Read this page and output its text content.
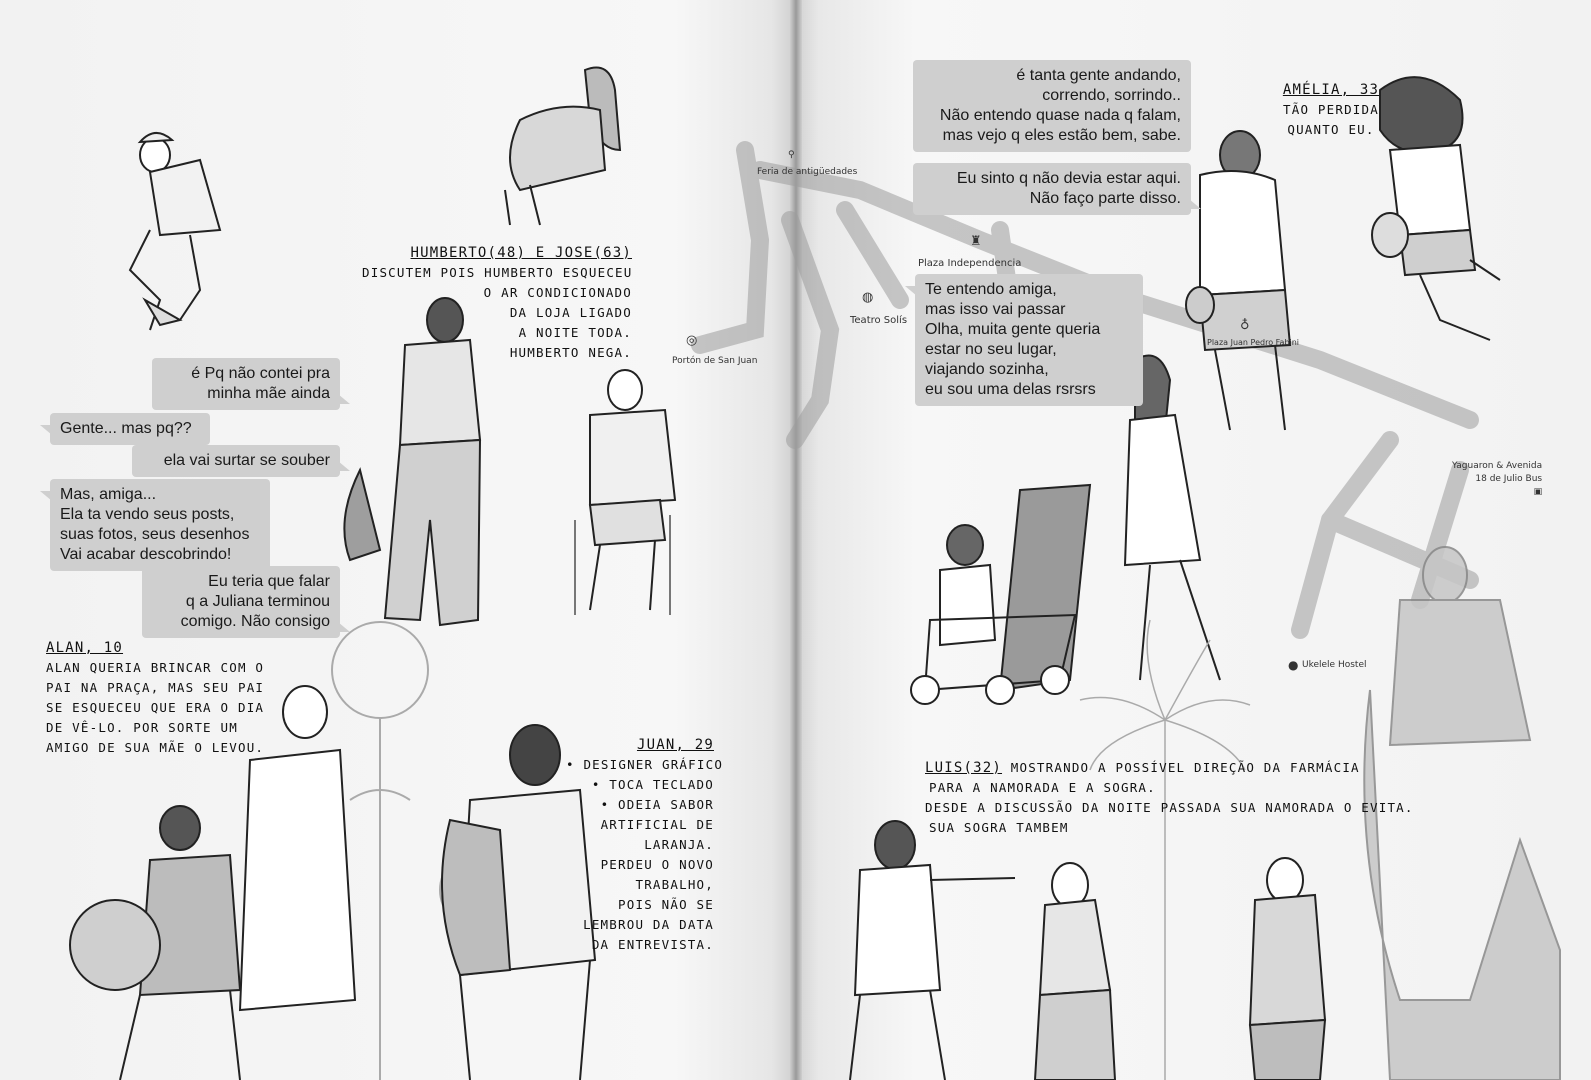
HUMBERTO(48) E JOSE(63)
DISCUTEM POIS HUMBERTO ESQUECEU
O AR CONDICIONADO
DA LOJA LIGADO
A NOITE TODA.
HUMBERTO NEGA.
é Pq não contei pra
minha mãe ainda
Gente... mas pq??
ela vai surtar se souber
Mas, amiga...
Ela ta vendo seus posts,
suas fotos, seus desenhos
Vai acabar descobrindo!
Eu teria que falar
q a Juliana terminou
comigo. Não consigo
ALAN, 10
ALAN QUERIA BRINCAR COM O
PAI NA PRAÇA, MAS SEU PAI
SE ESQUECEU QUE ERA O DIA
DE VÊ-LO. POR SORTE UM
AMIGO DE SUA MÃE O LEVOU.	JUAN, 29
• DESIGNER GRÁFICO
• TOCA TECLADO
• ODEIA SABOR
ARTIFICIAL DE
LARANJA.
PERDEU O NOVO
TRABALHO,
POIS NÃO SE
LEMBROU DA DATA
DA ENTREVISTA.
Feria de antigüedades
⚲
Plaza Independencia
♜
Teatro Solís
◍
Portón de San Juan
◎	Plaza Juan Pedro Fabini
♁
Ukelele Hostel
●
Yaguaron & Avenida
18 de Julio Bus
▣
é tanta gente andando,
correndo, sorrindo..
Não entendo quase nada q falam,
mas vejo q eles estão bem, sabe.
Eu sinto q não devia estar aqui.
Não faço parte disso.
Te entendo amiga,
mas isso vai passar
Olha, muita gente queria
estar no seu lugar,
viajando sozinha,
eu sou uma delas rsrsrs
AMÉLIA, 33
TÃO PERDIDA
QUANTO EU.
LUIS(32) MOSTRANDO A POSSÍVEL DIREÇÃO DA FARMÁCIA
PARA A NAMORADA E A SOGRA.
DESDE A DISCUSSÃO DA NOITE PASSADA SUA NAMORADA O EVITA.
SUA SOGRA TAMBEM
